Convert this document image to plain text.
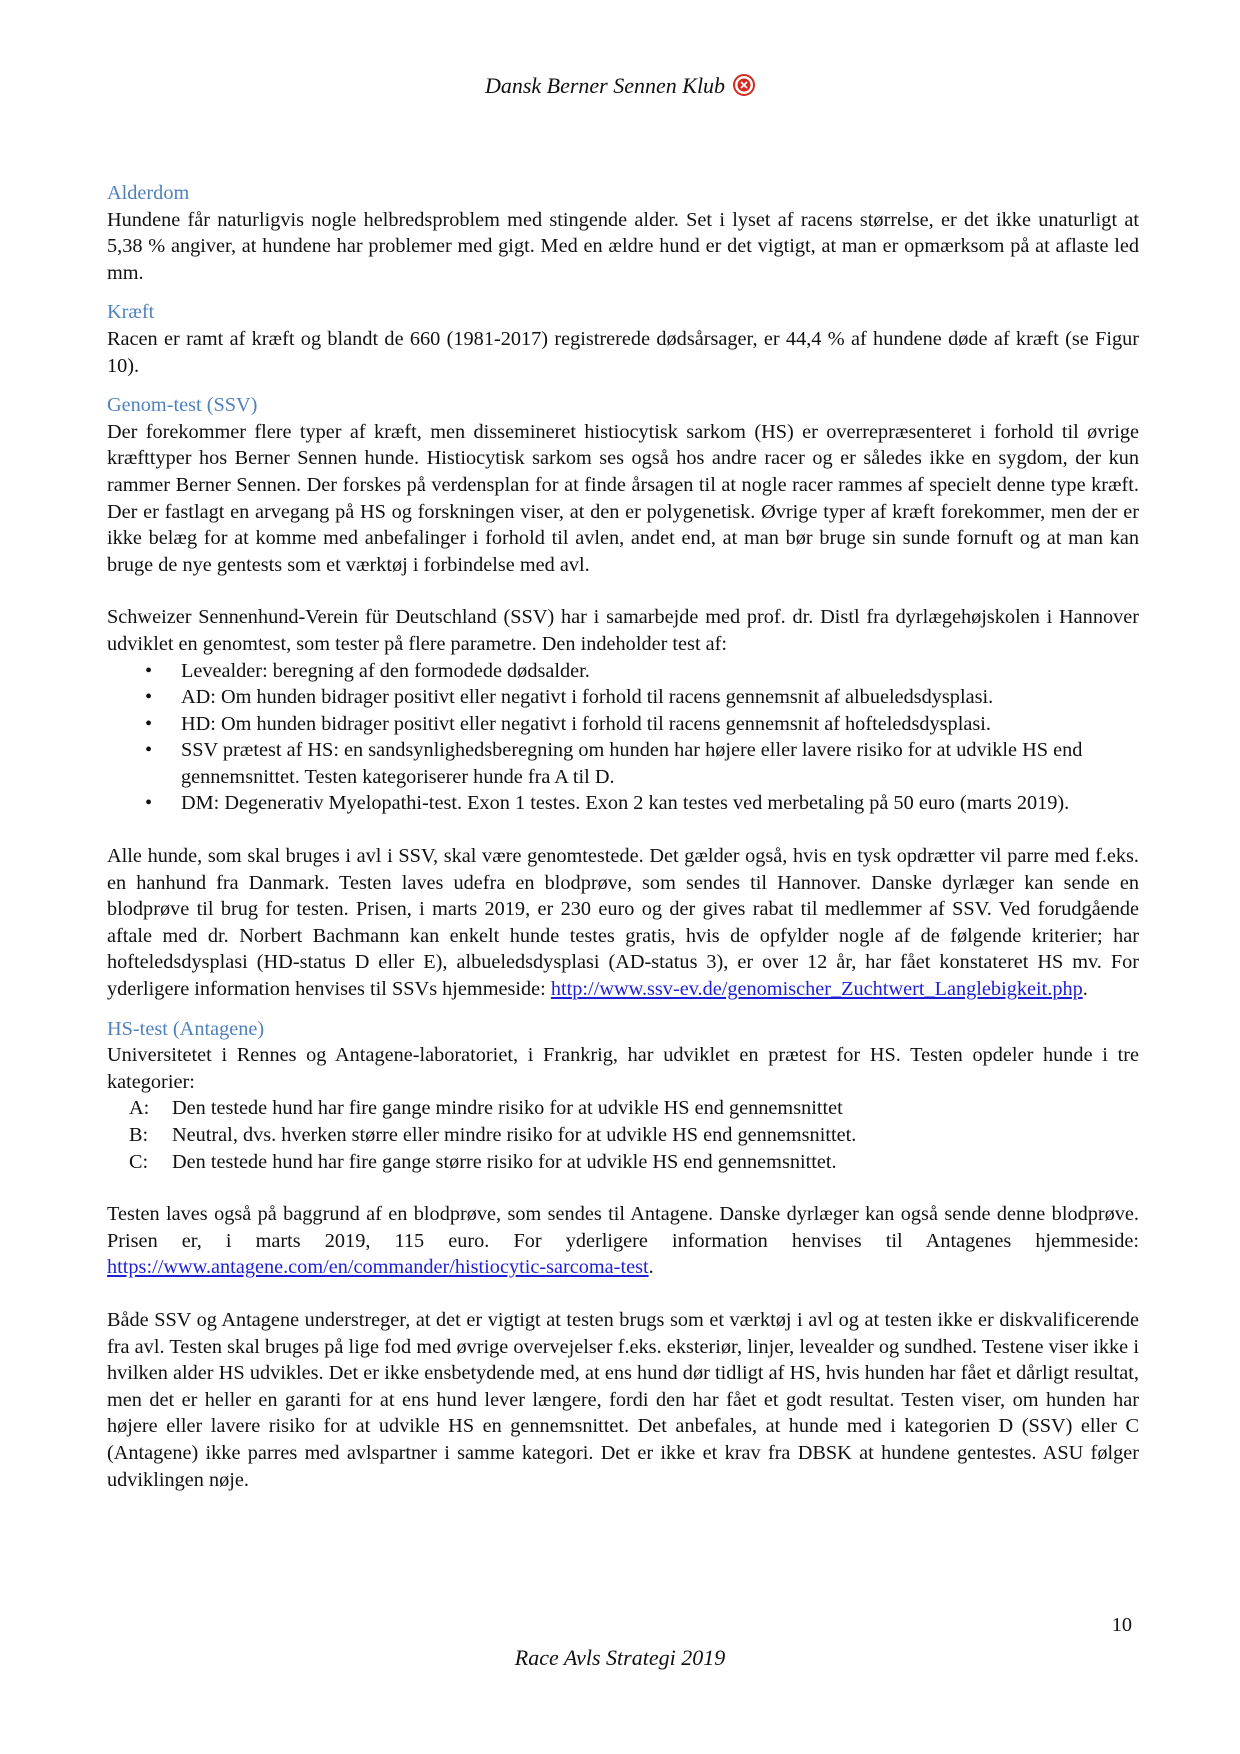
Dansk Berner Sennen Klub
Alderdom

Hundene får naturligvis nogle helbredsproblem med stingende alder. Set i lyset af racens størrelse, er det ikke unaturligt at 5,38 % angiver, at hundene har problemer med gigt. Med en ældre hund er det vigtigt, at man er opmærksom på at aflaste led mm.

Kræft

Racen er ramt af kræft og blandt de 660 (1981-2017) registrerede dødsårsager, er 44,4 % af hundene døde af kræft (se Figur 10).

Genom-test (SSV)

Der forekommer flere typer af kræft, men dissemineret histiocytisk sarkom (HS) er overrepræsenteret i forhold til øvrige kræfttyper hos Berner Sennen hunde. Histiocytisk sarkom ses også hos andre racer og er således ikke en sygdom, der kun rammer Berner Sennen. Der forskes på verdensplan for at finde årsagen til at nogle racer rammes af specielt denne type kræft. Der er fastlagt en arvegang på HS og forskningen viser, at den er polygenetisk. Øvrige typer af kræft forekommer, men der er ikke belæg for at komme med anbefalinger i forhold til avlen, andet end, at man bør bruge sin sunde fornuft og at man kan bruge de nye gentests som et værktøj i forbindelse med avl.

Schweizer Sennenhund-Verein für Deutschland (SSV) har i samarbejde med prof. dr. Distl fra dyrlægehøjskolen i Hannover udviklet en genomtest, som tester på flere parametre. Den indeholder test af:

• Levealder: beregning af den formodede dødsalder.
• AD: Om hunden bidrager positivt eller negativt i forhold til racens gennemsnit af albueledsdysplasi.
• HD: Om hunden bidrager positivt eller negativt i forhold til racens gennemsnit af hofteledsdysplasi.
• SSV prætest af HS: en sandsynlighedsberegning om hunden har højere eller lavere risiko for at udvikle HS end gennemsnittet. Testen kategoriserer hunde fra A til D.
• DM: Degenerativ Myelopathi-test. Exon 1 testes. Exon 2 kan testes ved merbetaling på 50 euro (marts 2019).

Alle hunde, som skal bruges i avl i SSV, skal være genomtestede. Det gælder også, hvis en tysk opdrætter vil parre med f.eks. en hanhund fra Danmark. Testen laves udefra en blodprøve, som sendes til Hannover. Danske dyrlæger kan sende en blodprøve til brug for testen. Prisen, i marts 2019, er 230 euro og der gives rabat til medlemmer af SSV. Ved forudgående aftale med dr. Norbert Bachmann kan enkelt hunde testes gratis, hvis de opfylder nogle af de følgende kriterier; har hofteledsdysplasi (HD-status D eller E), albueledsdysplasi (AD-status 3), er over 12 år, har fået konstateret HS mv. For yderligere information henvises til SSVs hjemmeside: http://www.ssv-ev.de/genomischer_Zuchtwert_Langlebigkeit.php.

HS-test (Antagene)

Universitetet i Rennes og Antagene-laboratoriet, i Frankrig, har udviklet en prætest for HS. Testen opdeler hunde i tre kategorier:

A:	Den testede hund har fire gange mindre risiko for at udvikle HS end gennemsnittet
B:	Neutral, dvs. hverken større eller mindre risiko for at udvikle HS end gennemsnittet.
C:	Den testede hund har fire gange større risiko for at udvikle HS end gennemsnittet.

Testen laves også på baggrund af en blodprøve, som sendes til Antagene. Danske dyrlæger kan også sende denne blodprøve. Prisen er, i marts 2019, 115 euro. For yderligere information henvises til Antagenes hjemmeside: https://www.antagene.com/en/commander/histiocytic-sarcoma-test.

Både SSV og Antagene understreger, at det er vigtigt at testen brugs som et værktøj i avl og at testen ikke er diskvalificerende fra avl. Testen skal bruges på lige fod med øvrige overvejelser f.eks. eksteriør, linjer, levealder og sundhed. Testene viser ikke i hvilken alder HS udvikles. Det er ikke ensbetydende med, at ens hund dør tidligt af HS, hvis hunden har fået et dårligt resultat, men det er heller en garanti for at ens hund lever længere, fordi den har fået et godt resultat. Testen viser, om hunden har højere eller lavere risiko for at udvikle HS en gennemsnittet. Det anbefales, at hunde med i kategorien D (SSV) eller C (Antagene) ikke parres med avlspartner i samme kategori. Det er ikke et krav fra DBSK at hundene gentestes. ASU følger udviklingen nøje.

10
Race Avls Strategi 2019
